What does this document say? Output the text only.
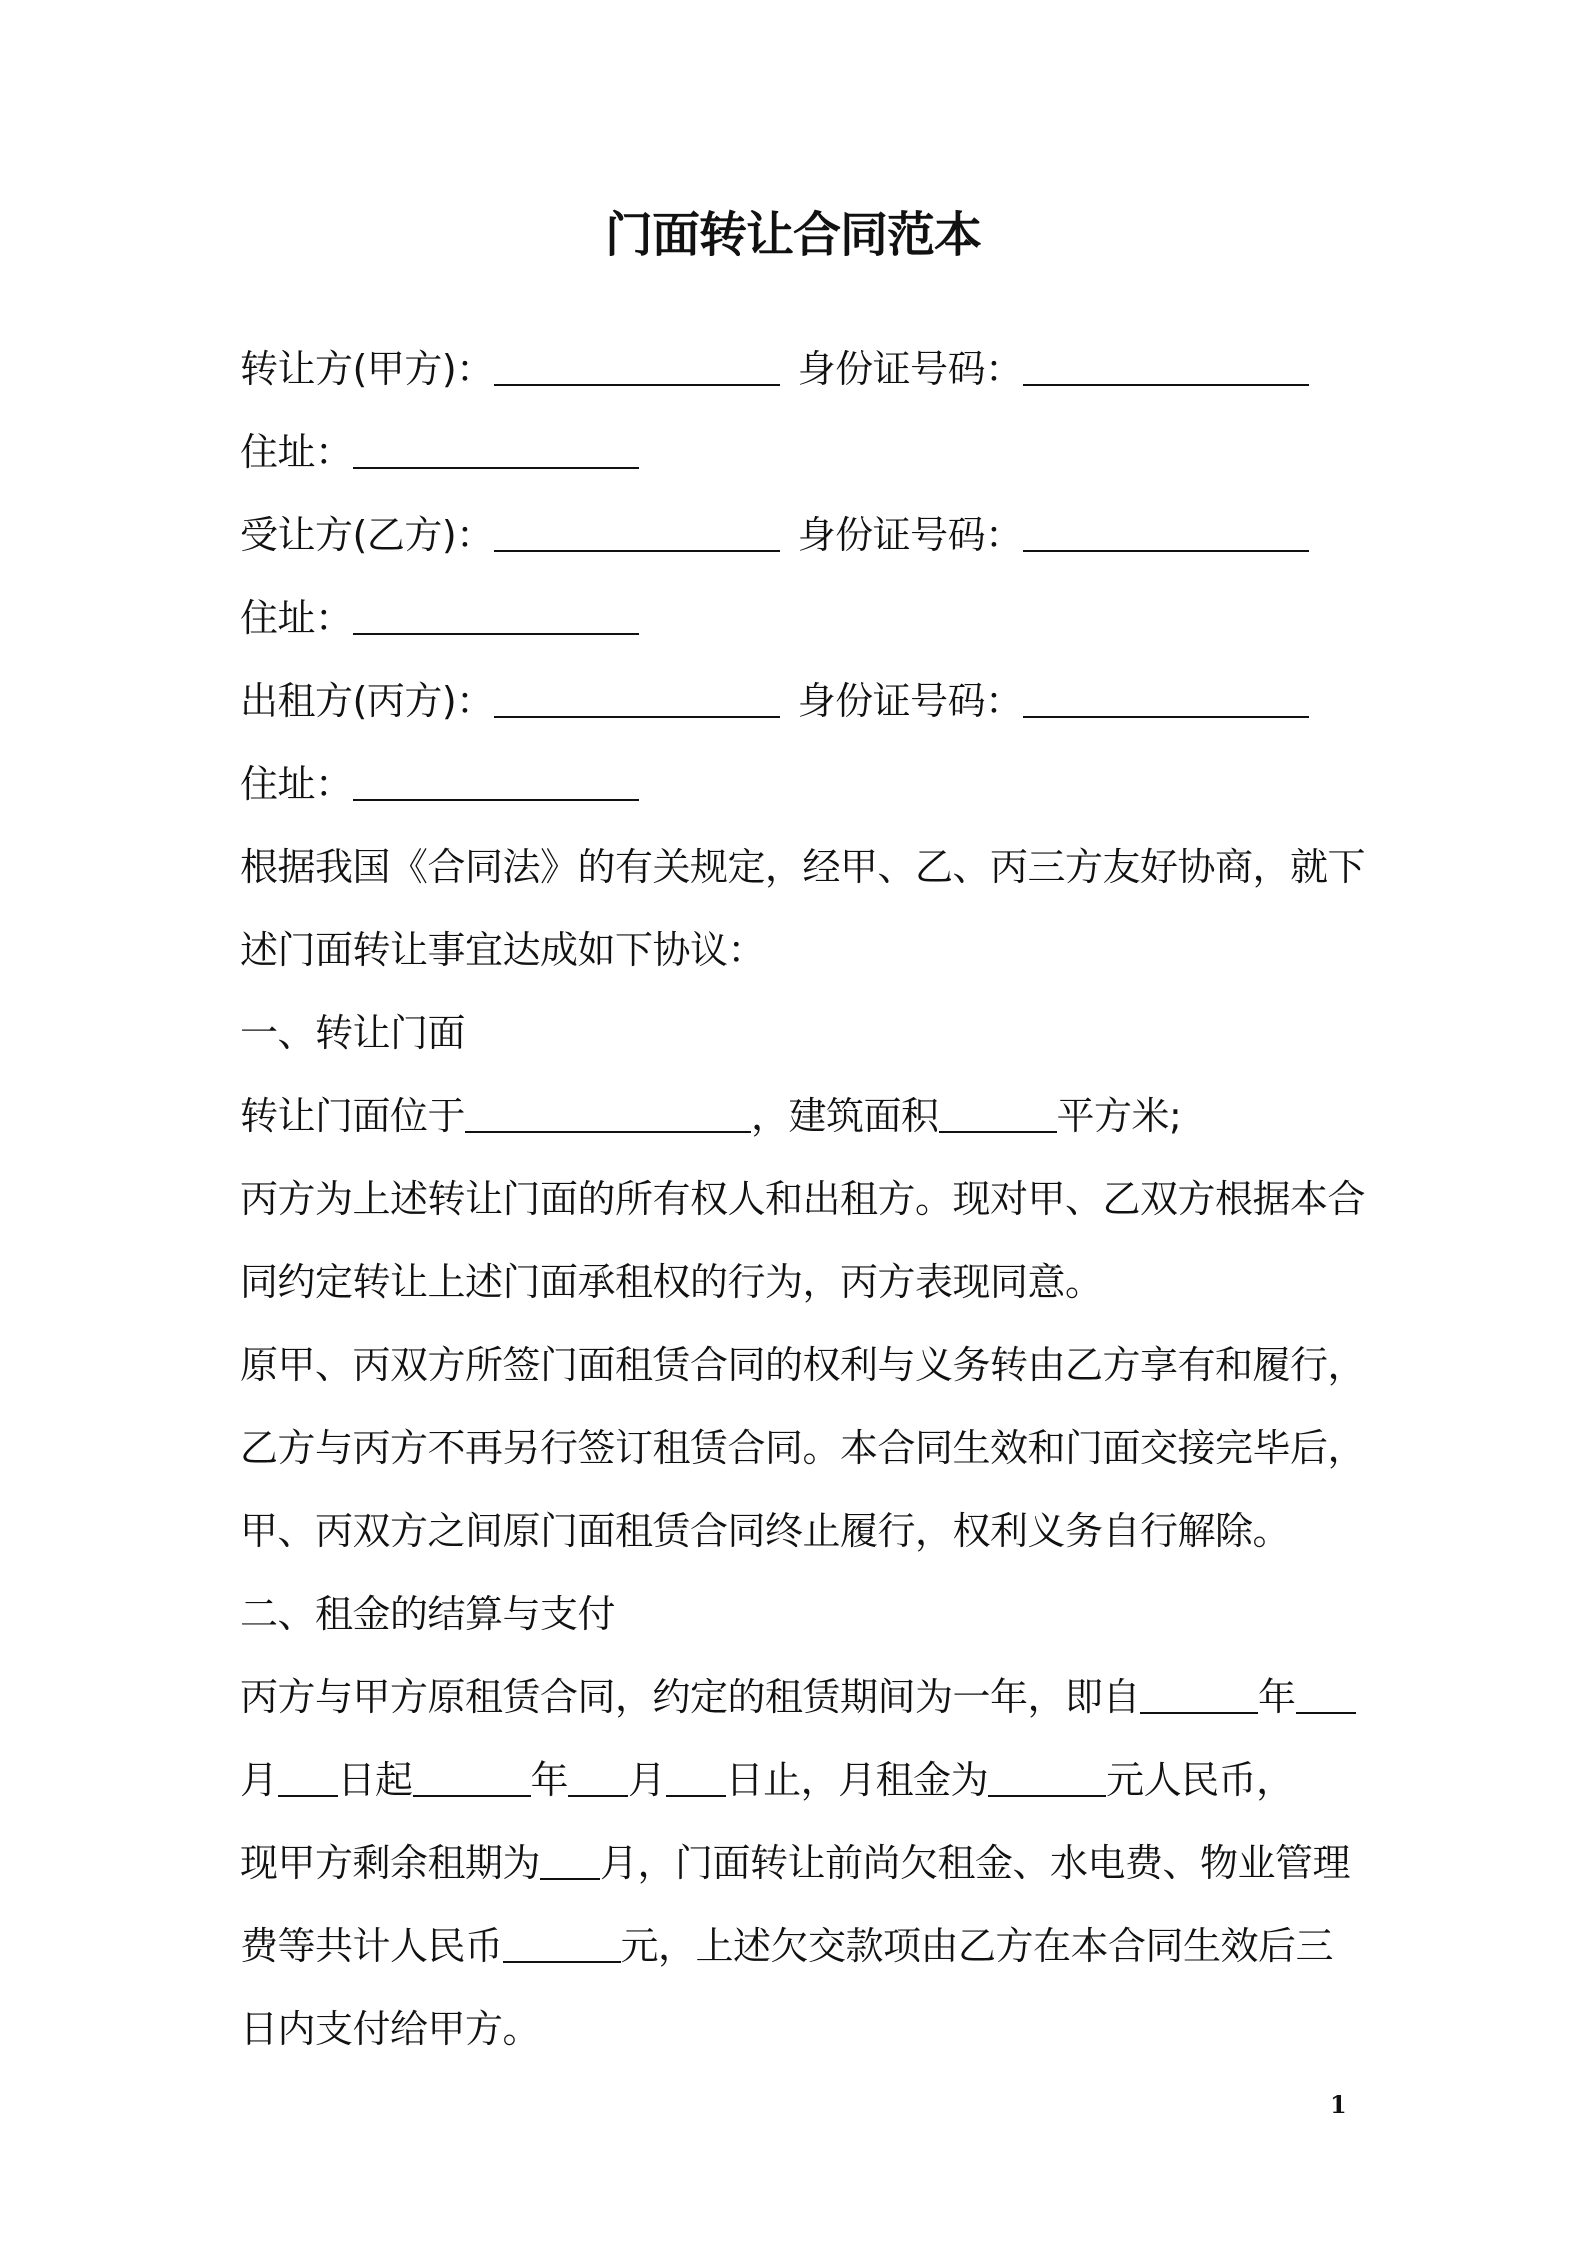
门面转让合同范本
转让方(甲方)：	身份证号码：
住址：
受让方(乙方)：	身份证号码：
住址：
出租方(丙方)：	身份证号码：
住址：
根据我国《合同法》的有关规定，经甲、乙、丙三方友好协商，就下
述门面转让事宜达成如下协议：
一、转让门面
转让门面位于	，建筑面积	平方米;
丙方为上述转让门面的所有权人和出租方。现对甲、乙双方根据本合
同约定转让上述门面承租权的行为，丙方表现同意。
原甲、丙双方所签门面租赁合同的权利与义务转由乙方享有和履行，
乙方与丙方不再另行签订租赁合同。本合同生效和门面交接完毕后，
甲、丙双方之间原门面租赁合同终止履行，权利义务自行解除。
二、租金的结算与支付
丙方与甲方原租赁合同，约定的租赁期间为一年，即自	年
月 日起	年 月 日止，月租金为	元人民币，
现甲方剩余租期为 月，门面转让前尚欠租金、水电费、物业管理
费等共计人民币	元，上述欠交款项由乙方在本合同生效后三
日内支付给甲方。
1
